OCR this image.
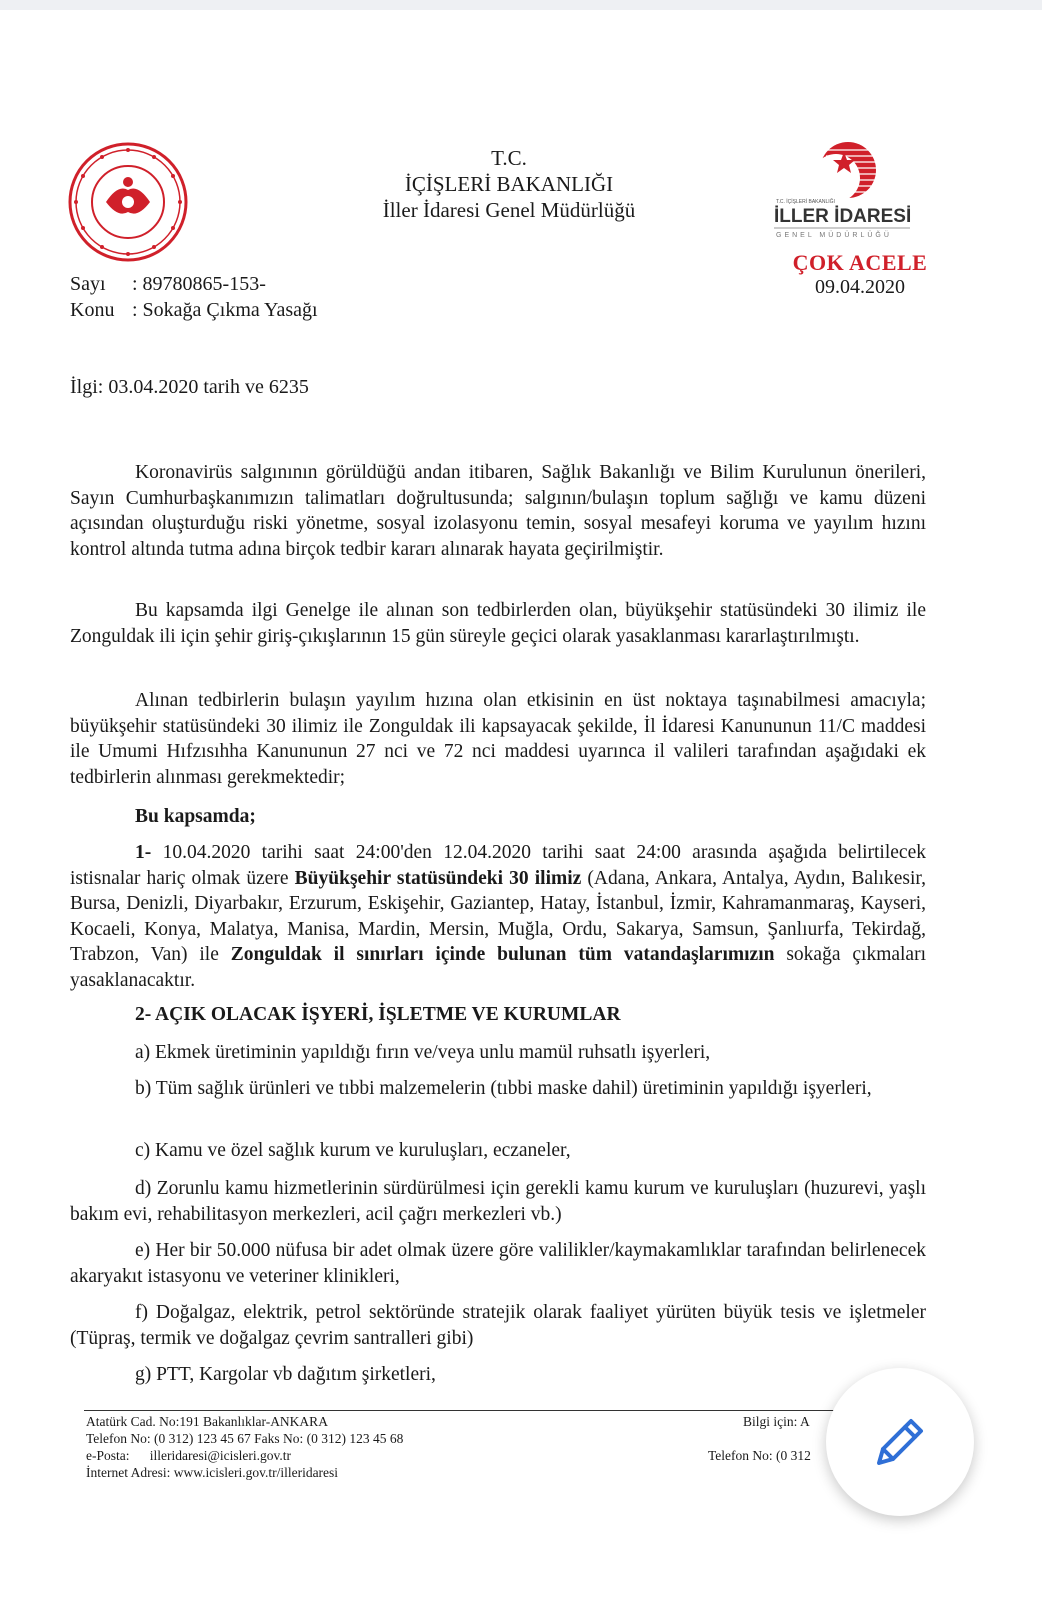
T.C.
İÇİŞLERİ BAKANLIĞI
İller İdaresi Genel Müdürlüğü	T.C. İÇİŞLERİ BAKANLIĞI
İLLER İDARESİ
GENEL MÜDÜRLÜĞÜ
ÇOK ACELE
09.04.2020
Sayı : 89780865-153-
Konu : Sokağa Çıkma Yasağı
İlgi: 03.04.2020 tarih ve 6235
Koronavirüs salgınının görüldüğü andan itibaren, Sağlık Bakanlığı ve Bilim Kurulunun önerileri, Sayın Cumhurbaşkanımızın talimatları doğrultusunda; salgının/bulaşın toplum sağlığı ve kamu düzeni açısından oluşturduğu riski yönetme, sosyal izolasyonu temin, sosyal mesafeyi koruma ve yayılım hızını kontrol altında tutma adına birçok tedbir kararı alınarak hayata geçirilmiştir.
Bu kapsamda ilgi Genelge ile alınan son tedbirlerden olan, büyükşehir statüsündeki 30 ilimiz ile Zonguldak ili için şehir giriş-çıkışlarının 15 gün süreyle geçici olarak yasaklanması kararlaştırılmıştı.
Alınan tedbirlerin bulaşın yayılım hızına olan etkisinin en üst noktaya taşınabilmesi amacıyla; büyükşehir statüsündeki 30 ilimiz ile Zonguldak ili kapsayacak şekilde, İl İdaresi Kanununun 11/C maddesi ile Umumi Hıfzısıhha Kanununun 27 nci ve 72 nci maddesi uyarınca il valileri tarafından aşağıdaki ek tedbirlerin alınması gerekmektedir;
Bu kapsamda;
1- 10.04.2020 tarihi saat 24:00'den 12.04.2020 tarihi saat 24:00 arasında aşağıda belirtilecek istisnalar hariç olmak üzere Büyükşehir statüsündeki 30 ilimiz (Adana, Ankara, Antalya, Aydın, Balıkesir, Bursa, Denizli, Diyarbakır, Erzurum, Eskişehir, Gaziantep, Hatay, İstanbul, İzmir, Kahramanmaraş, Kayseri, Kocaeli, Konya, Malatya, Manisa, Mardin, Mersin, Muğla, Ordu, Sakarya, Samsun, Şanlıurfa, Tekirdağ, Trabzon, Van) ile Zonguldak il sınırları içinde bulunan tüm vatandaşlarımızın sokağa çıkmaları yasaklanacaktır.
2- AÇIK OLACAK İŞYERİ, İŞLETME VE KURUMLAR
a) Ekmek üretiminin yapıldığı fırın ve/veya unlu mamül ruhsatlı işyerleri,
b) Tüm sağlık ürünleri ve tıbbi malzemelerin (tıbbi maske dahil) üretiminin yapıldığı işyerleri,
c) Kamu ve özel sağlık kurum ve kuruluşları, eczaneler,
d) Zorunlu kamu hizmetlerinin sürdürülmesi için gerekli kamu kurum ve kuruluşları (huzurevi, yaşlı bakım evi, rehabilitasyon merkezleri, acil çağrı merkezleri vb.)
e) Her bir 50.000 nüfusa bir adet olmak üzere göre valilikler/kaymakamlıklar tarafından belirlenecek akaryakıt istasyonu ve veteriner klinikleri,
f) Doğalgaz, elektrik, petrol sektöründe stratejik olarak faaliyet yürüten büyük tesis ve işletmeler (Tüpraş, termik ve doğalgaz çevrim santralleri gibi)
g) PTT, Kargolar vb dağıtım şirketleri,
Atatürk Cad. No:191 Bakanlıklar-ANKARA
Telefon No: (0 312) 123 45 67 Faks No: (0 312) 123 45 68
e-Posta:      illeridaresi@icisleri.gov.tr
İnternet Adresi: www.icisleri.gov.tr/illeridaresi
Bilgi için: A
Telefon No: (0 312
